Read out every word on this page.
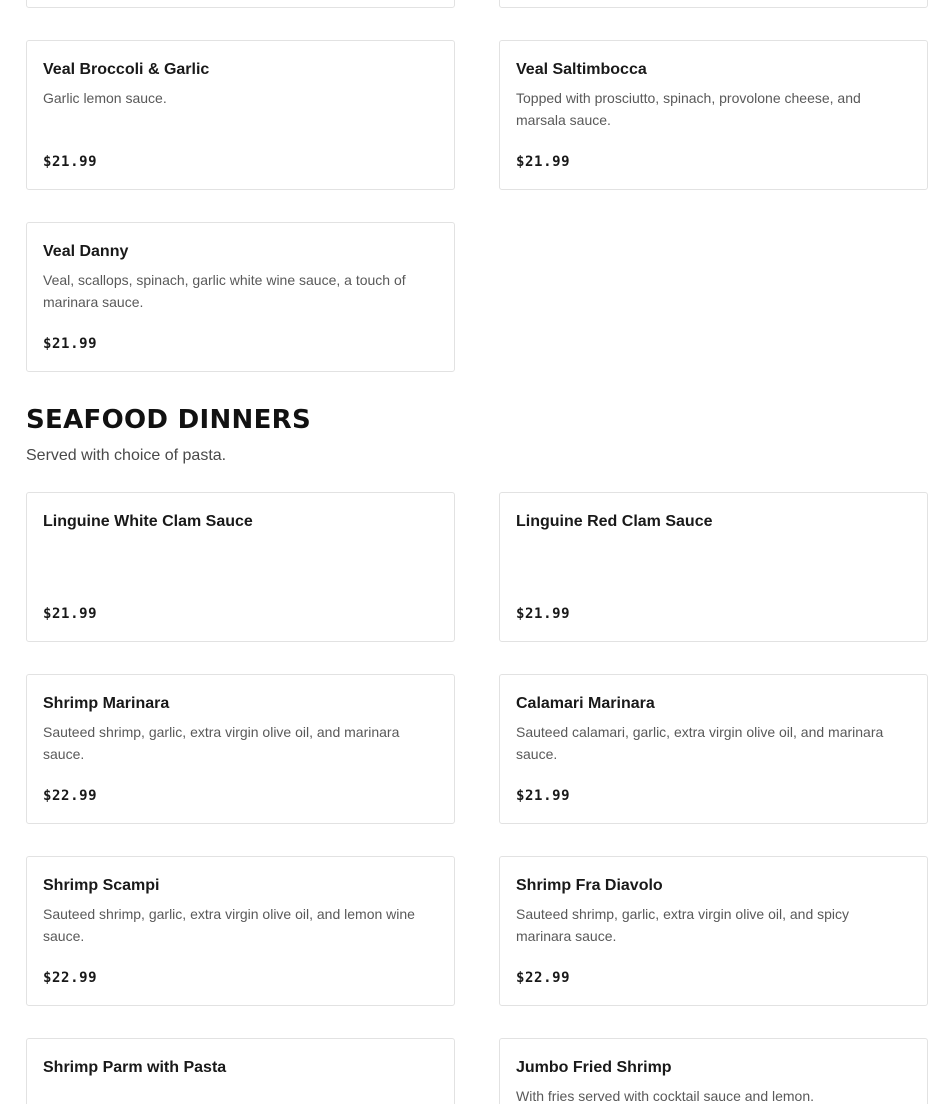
Veal Broccoli & Garlic
Garlic lemon sauce.
$21.99
Veal Saltimbocca
Topped with prosciutto, spinach, provolone cheese, and marsala sauce.
$21.99
Veal Danny
Veal, scallops, spinach, garlic white wine sauce, a touch of marinara sauce.
$21.99
SEAFOOD DINNERS

Served with choice of pasta.

Linguine White Clam Sauce
$21.99
Linguine Red Clam Sauce
$21.99
Shrimp Marinara
Sauteed shrimp, garlic, extra virgin olive oil, and marinara sauce.
$22.99
Calamari Marinara
Sauteed calamari, garlic, extra virgin olive oil, and marinara sauce.
$21.99
Shrimp Scampi
Sauteed shrimp, garlic, extra virgin olive oil, and lemon wine sauce.
$22.99
Shrimp Fra Diavolo
Sauteed shrimp, garlic, extra virgin olive oil, and spicy marinara sauce.
$22.99
Shrimp Parm with Pasta	Jumbo Fried Shrimp
With fries served with cocktail sauce and lemon.
